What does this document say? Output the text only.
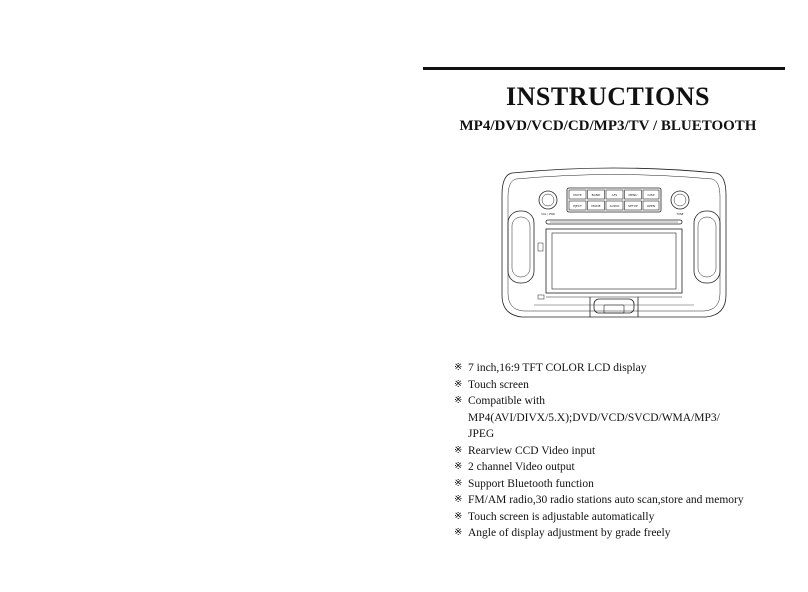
INSTRUCTIONS
MP4/DVD/VCD/CD/MP3/TV / BLUETOOTH
MUTE	BAND	AFS	MENU	DISP
EJECT	MODE	AUDIO	SETUP	OPEN
VOL / PWR	TUNE
※ 7 inch,16:9 TFT COLOR LCD display
※ Touch screen
※ Compatible with MP4(AVI/DIVX/5.X);DVD/VCD/SVCD/WMA/MP3/
JPEG
※ Rearview CCD Video input
※ 2 channel Video output
※ Support Bluetooth function
※ FM/AM radio,30 radio stations auto scan,store and memory
※ Touch screen is adjustable automatically
※ Angle of display adjustment by grade freely
